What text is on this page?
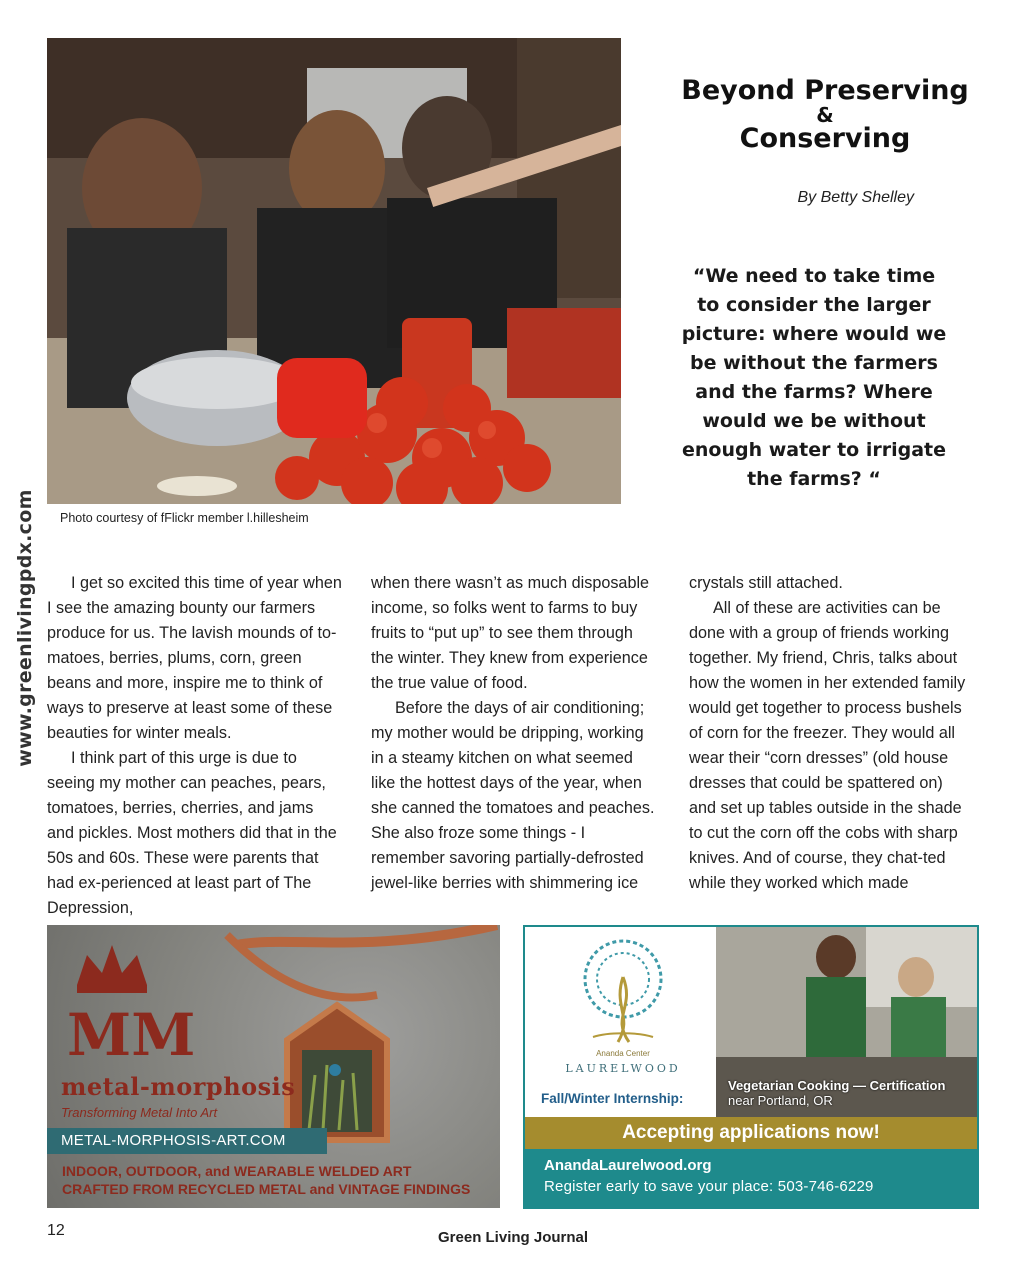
Photo courtesy of fFlickr member l.hillesheim
www.greenlivingpdx.com
Beyond Preserving
&
Conserving
By Betty Shelley
“We need to take time to consider the larger picture: where would we be without the farmers and the farms? Where would we be without enough water to irrigate the farms? “

I get so excited this time of year when I see the amazing bounty our farmers produce for us. The lavish mounds of to-matoes, berries, plums, corn, green beans and more, inspire me to think of ways to preserve at least some of these beauties for winter meals.

I think part of this urge is due to seeing my mother can peaches, pears, tomatoes, berries, cherries, and jams and pickles. Most mothers did that in the 50s and 60s. These were parents that had ex-perienced at least part of The Depression,

when there wasn’t as much disposable income, so folks went to farms to buy fruits to “put up” to see them through the winter. They knew from experience the true value of food.

Before the days of air conditioning; my mother would be dripping, working in a steamy kitchen on what seemed like the hottest days of the year, when she canned the tomatoes and peaches. She also froze some things - I remember savoring partially-defrosted jewel-like berries with shimmering ice

crystals still attached.

All of these are activities can be done with a group of friends working together. My friend, Chris, talks about how the women in her extended family would get together to process bushels of corn for the freezer. They would all wear their “corn dresses” (old house dresses that could be spattered on) and set up tables outside in the shade to cut the corn off the cobs with sharp knives. And of course, they chat-ted while they worked which made

MM
metal-morphosis
Transforming Metal Into Art
METAL-MORPHOSIS-ART.COM
INDOOR, OUTDOOR, and WEARABLE WELDED ART
CRAFTED FROM RECYCLED METAL and VINTAGE FINDINGS
Ananda Center
LAURELWOOD
Fall/Winter Internship:
Vegetarian Cooking — Certification
near Portland, OR
Accepting applications now!
AnandaLaurelwood.org
Register early to save your place: 503-746-6229
12	Green Living Journal
